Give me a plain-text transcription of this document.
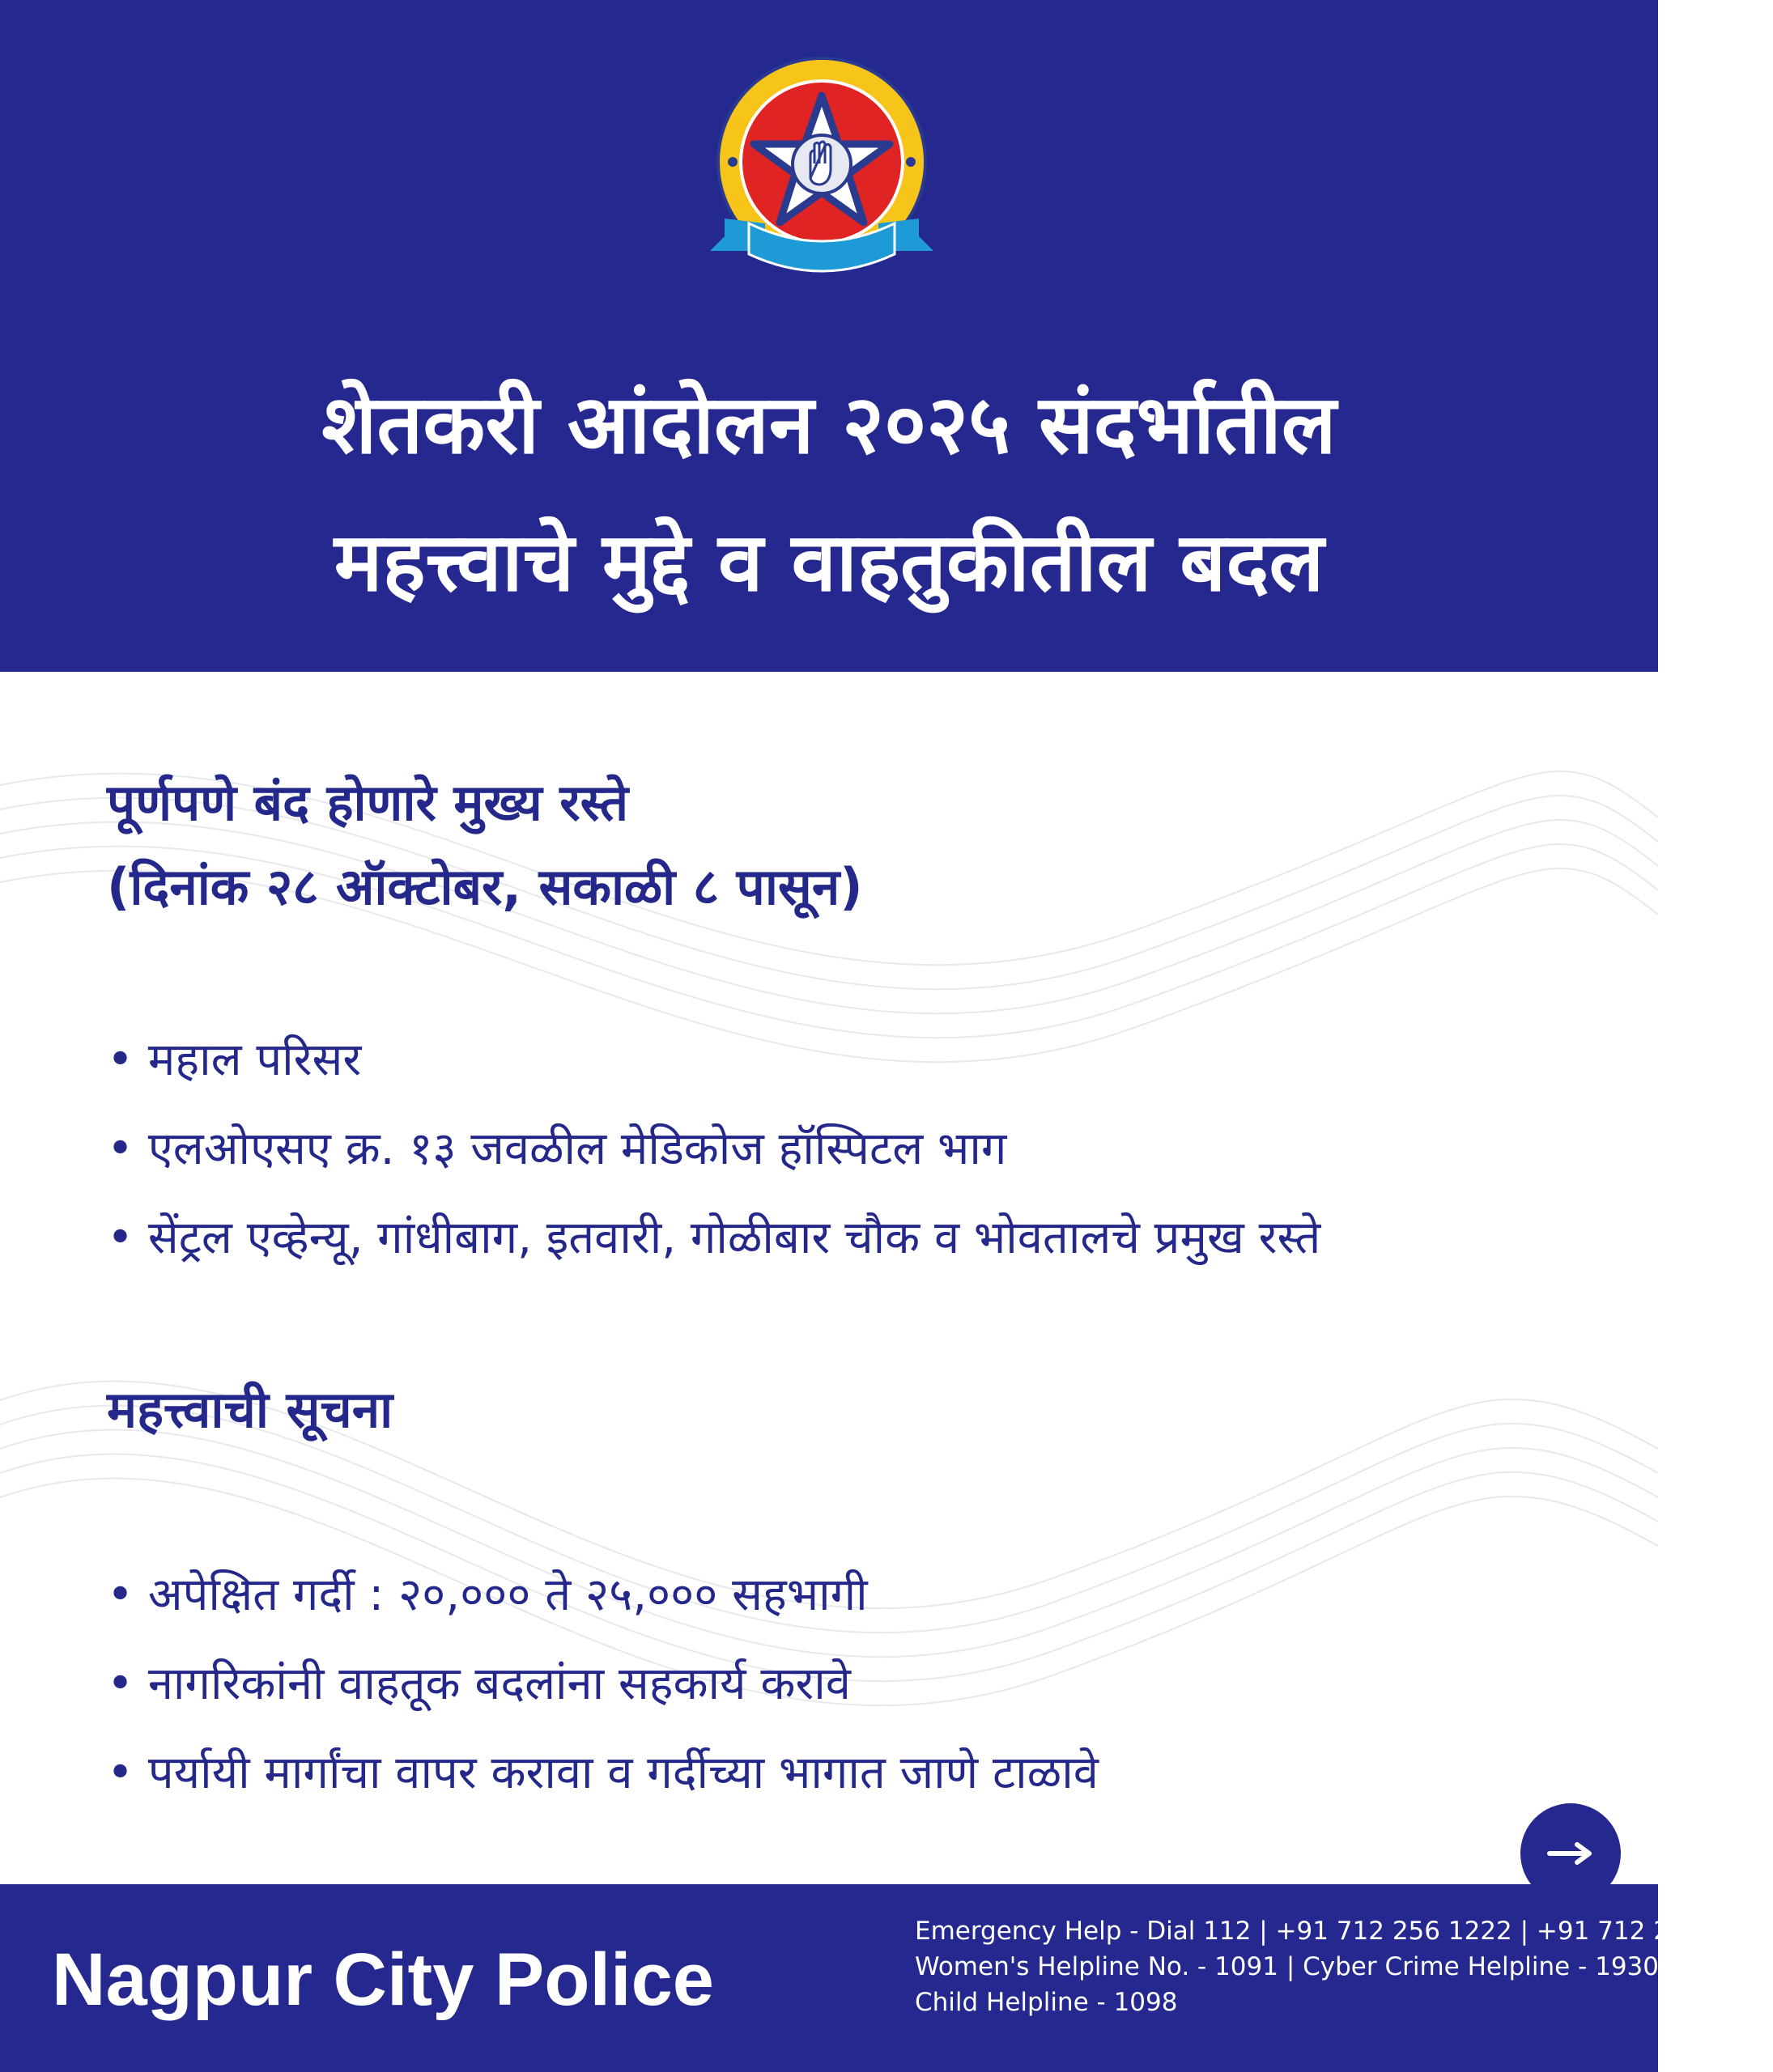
शेतकरी आंदोलन २०२५ संदर्भातील
महत्त्वाचे मुद्दे व वाहतुकीतील बदल
पूर्णपणे बंद होणारे मुख्य रस्ते
(दिनांक २८ ऑक्टोबर, सकाळी ८ पासून)
• महाल परिसर
• एलओएसए क्र. १३ जवळील मेडिकोज हॉस्पिटल भाग
• सेंट्रल एव्हेन्यू, गांधीबाग, इतवारी, गोळीबार चौक व भोवतालचे प्रमुख रस्ते
महत्त्वाची सूचना
• अपेक्षित गर्दी : २०,००० ते २५,००० सहभागी
• नागरिकांनी वाहतूक बदलांना सहकार्य करावे
• पर्यायी मार्गांचा वापर करावा व गर्दीच्या भागात जाणे टाळावे
Nagpur City Police
Emergency Help - Dial 112 | +91 712 256 1222 | +91 712 256 5316
Women's Helpline No. - 1091 | Cyber Crime Helpline - 1930
Child Helpline - 1098
